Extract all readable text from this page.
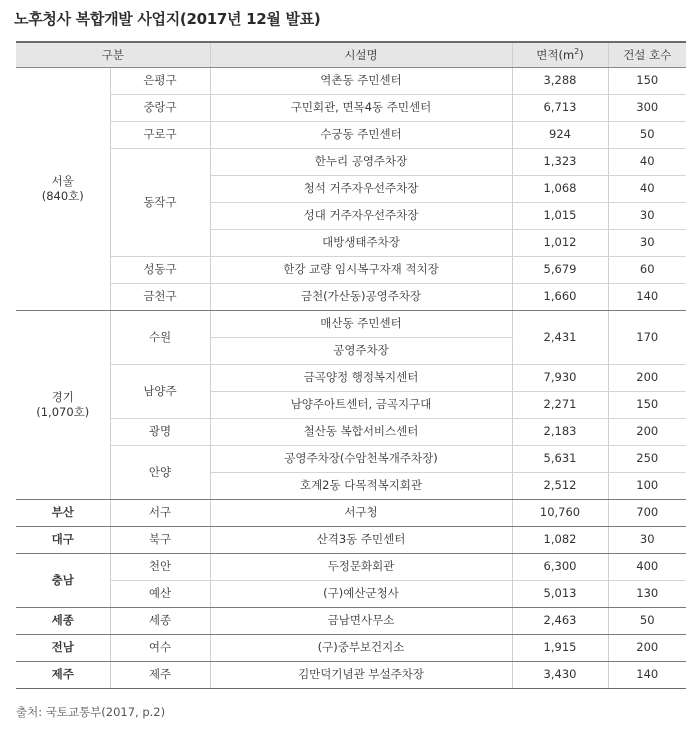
노후청사 복합개발 사업지(2017년 12월 발표)
구분		시설명	면적$(m^2)$	건설 호수
서울
(840호)	은평구	역촌동 주민센터	3,288	150
	중랑구	구민회관, 면목4동 주민센터	6,713	300
	구로구	수궁동 주민센터	924	50
	동작구	한누리 공영주차장	1,323	40
		청석 거주자우선주차장	1,068	40
		성대 거주자우선주차장	1,015	30
		대방생태주차장	1,012	30
	성동구	한강 교량 임시복구자재 적치장	5,679	60
	금천구	금천(가산동)공영주차장	1,660	140
경기
(1,070호)	수원	매산동 주민센터	2,431	170
		공영주차장		
	남양주	금곡양정 행정복지센터	7,930	200
		남양주아트센터, 금곡지구대	2,271	150
	광명	철산동 복합서비스센터	2,183	200
	안양	공영주차장(수암천복개주차장)	5,631	250
		호계2동 다목적복지회관	2,512	100
부산	서구	서구청	10,760	700
대구	북구	산격3동 주민센터	1,082	30
충남	천안	두정문화회관	6,300	400
	예산	(구)예산군청사	5,013	130
세종	세종	금남면사무소	2,463	50
전남	여수	(구)중부보건지소	1,915	200
제주	제주	김만덕기념관 부설주차장	3,430	140
출처: 국토교통부(2017, p.2)
